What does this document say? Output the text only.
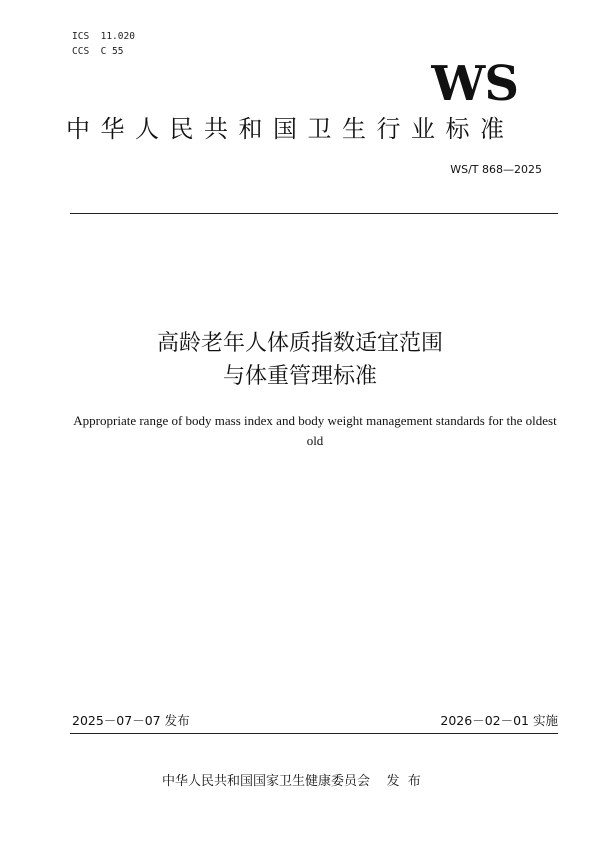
ICS  11.020
CCS  C 55
WS
中华人民共和国卫生行业标准
WS/T 868—2025
高龄老年人体质指数适宜范围
与体重管理标准
Appropriate range of body mass index and body weight management standards for the oldest old
2025－07－07 发布	2026－02－01 实施
中华人民共和国国家卫生健康委员会    发  布
